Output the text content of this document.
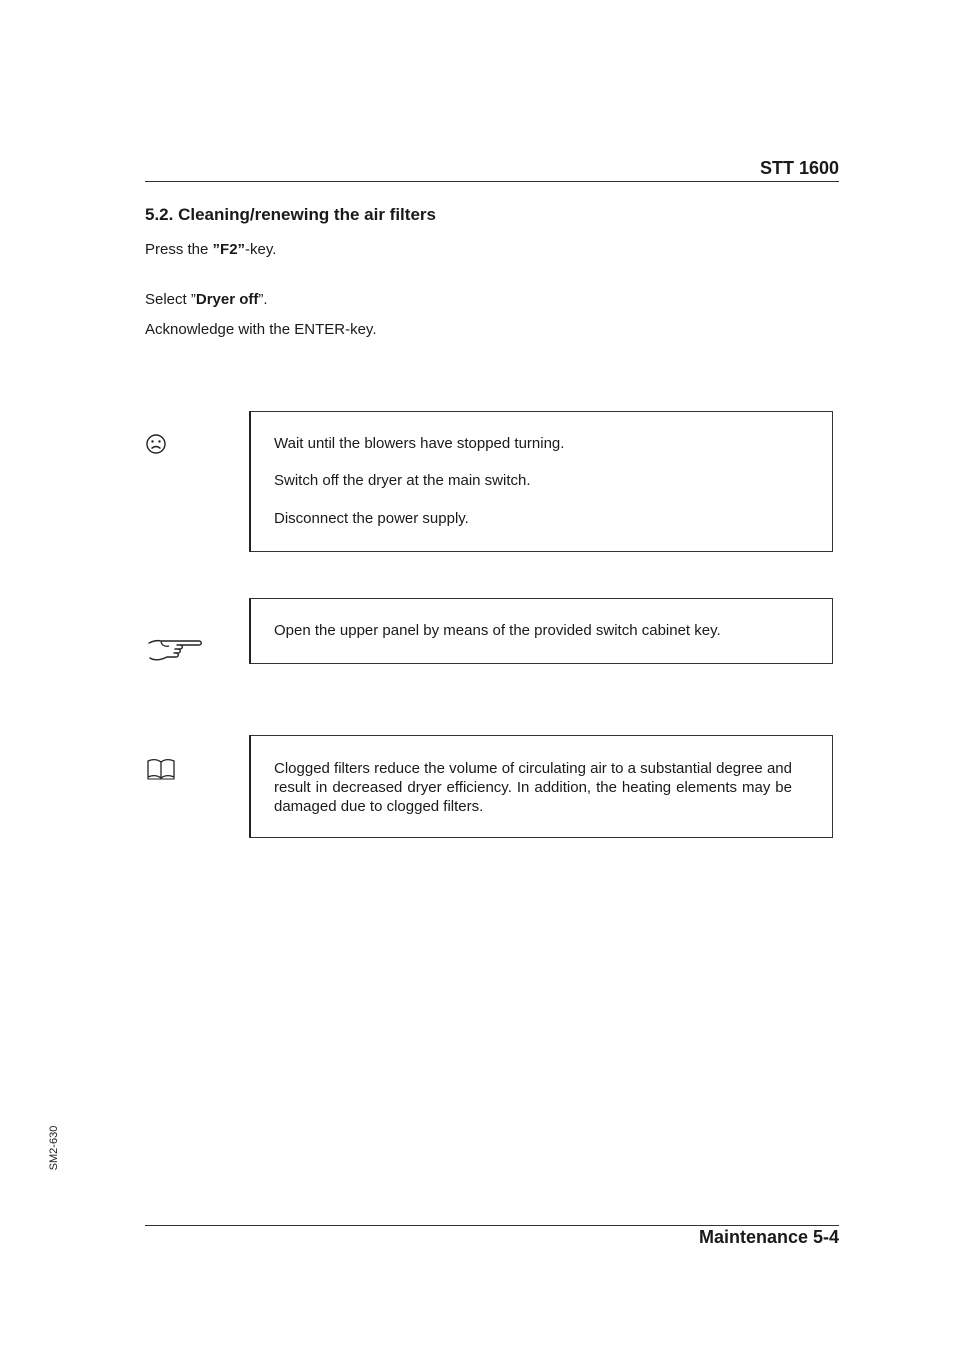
STT 1600
5.2. Cleaning/renewing the air filters
Press the ”F2”-key.
Select ”Dryer off”.
Acknowledge with the ENTER-key.
Wait until the blowers have stopped turning.
Switch off the dryer at the main switch.
Disconnect the power supply.
Open the upper panel by means of the provided switch cabinet key.
Clogged filters reduce the volume of circulating air to a substantial degree and result in decreased dryer efficiency. In addition, the heating elements may be damaged due to clogged filters.
SM2-630
Maintenance 5-4
